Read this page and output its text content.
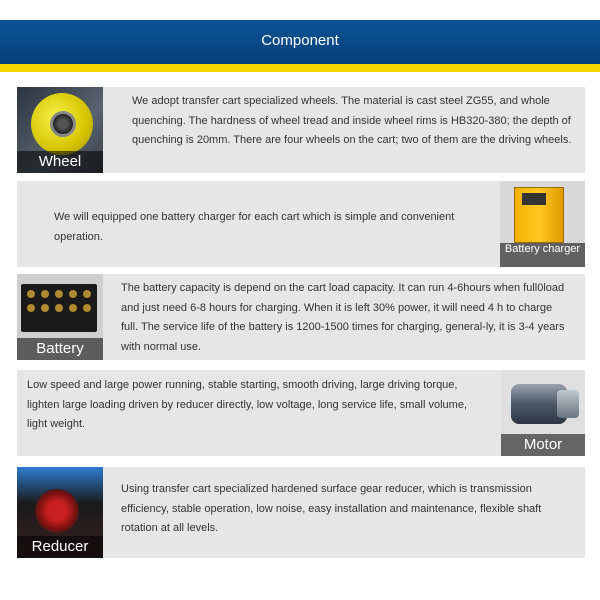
Component
Wheel
We adopt transfer cart specialized wheels. The material is cast steel ZG55, and whole quenching. The hardness of wheel tread and inside wheel rims is HB320-380; the depth of quenching is 20mm. There are four wheels on the cart; two of them are the driving wheels.
We will equipped one battery charger for each cart which is simple and convenient operation.
Battery charger
Battery
The battery capacity is depend on the cart load capacity. It can run 4-6hours when full0load and just need 6-8 hours for charging. When it is left 30% power, it will need 4 h to charge full. The service life of the battery is 1200-1500 times for charging, general-ly, it is 3-4 years with normal use.
Low speed and large power running, stable starting, smooth driving, large driving torque, lighten large loading driven by reducer directly, low voltage, long service life, small volume, light weight.
Motor
Reducer
Using transfer cart specialized hardened surface gear reducer, which is transmission efficiency, stable operation, low noise, easy installation and maintenance, flexible shaft rotation at all levels.
